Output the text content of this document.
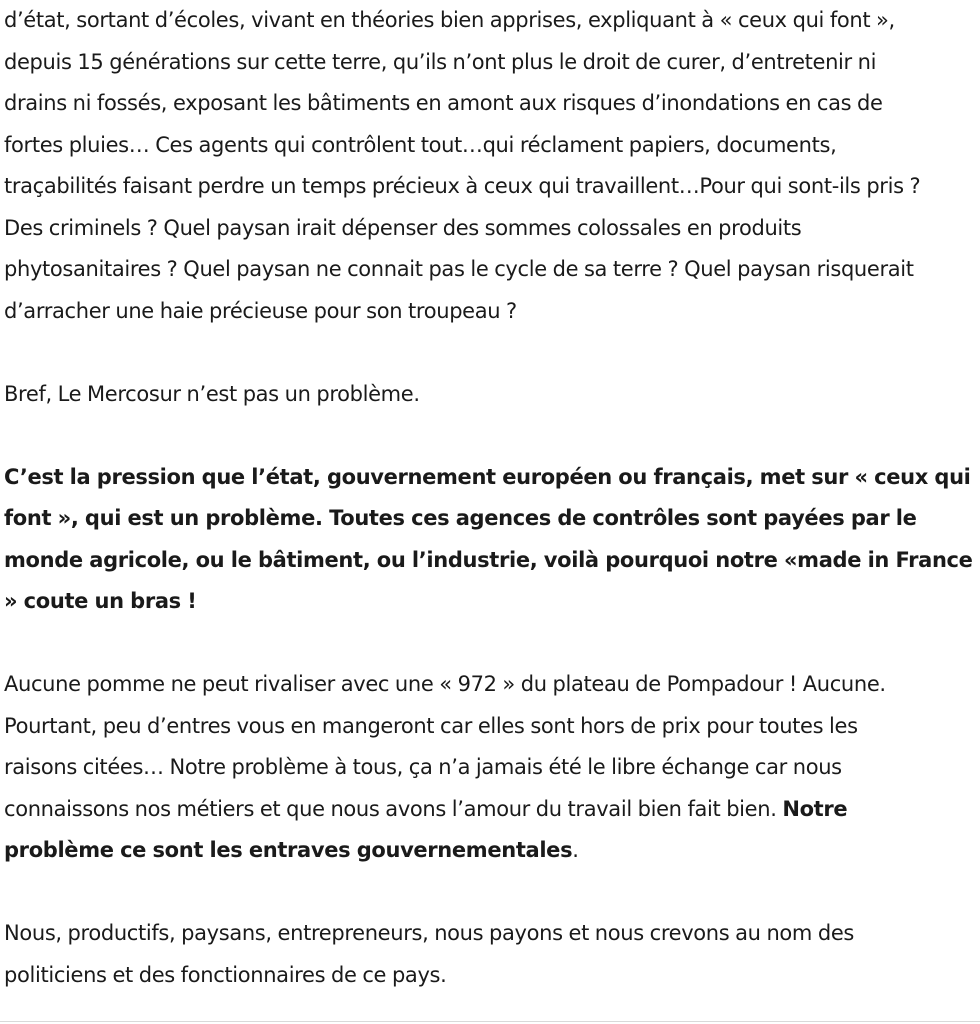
d’état, sortant d’écoles, vivant en théories bien apprises, expliquant à « ceux qui font »,
depuis 15 générations sur cette terre, qu’ils n’ont plus le droit de curer, d’entretenir ni
drains ni fossés, exposant les bâtiments en amont aux risques d’inondations en cas de
fortes pluies… Ces agents qui contrôlent tout…qui réclament papiers, documents,
traçabilités faisant perdre un temps précieux à ceux qui travaillent…Pour qui sont-ils pris ?
Des criminels ? Quel paysan irait dépenser des sommes colossales en produits
phytosanitaires ? Quel paysan ne connait pas le cycle de sa terre ? Quel paysan risquerait
d’arracher une haie précieuse pour son troupeau ?
Bref, Le Mercosur n’est pas un problème.
C’est la pression que l’état, gouvernement européen ou français, met sur « ceux qui
font », qui est un problème. Toutes ces agences de contrôles sont payées par le
monde agricole, ou le bâtiment, ou l’industrie, voilà pourquoi notre «made in France
» coute un bras !
Aucune pomme ne peut rivaliser avec une « 972 » du plateau de Pompadour ! Aucune.
Pourtant, peu d’entres vous en mangeront car elles sont hors de prix pour toutes les
raisons citées… Notre problème à tous, ça n’a jamais été le libre échange car nous
connaissons nos métiers et que nous avons l’amour du travail bien fait bien. Notre
problème ce sont les entraves gouvernementales.
Nous, productifs, paysans, entrepreneurs, nous payons et nous crevons au nom des
politiciens et des fonctionnaires de ce pays.
